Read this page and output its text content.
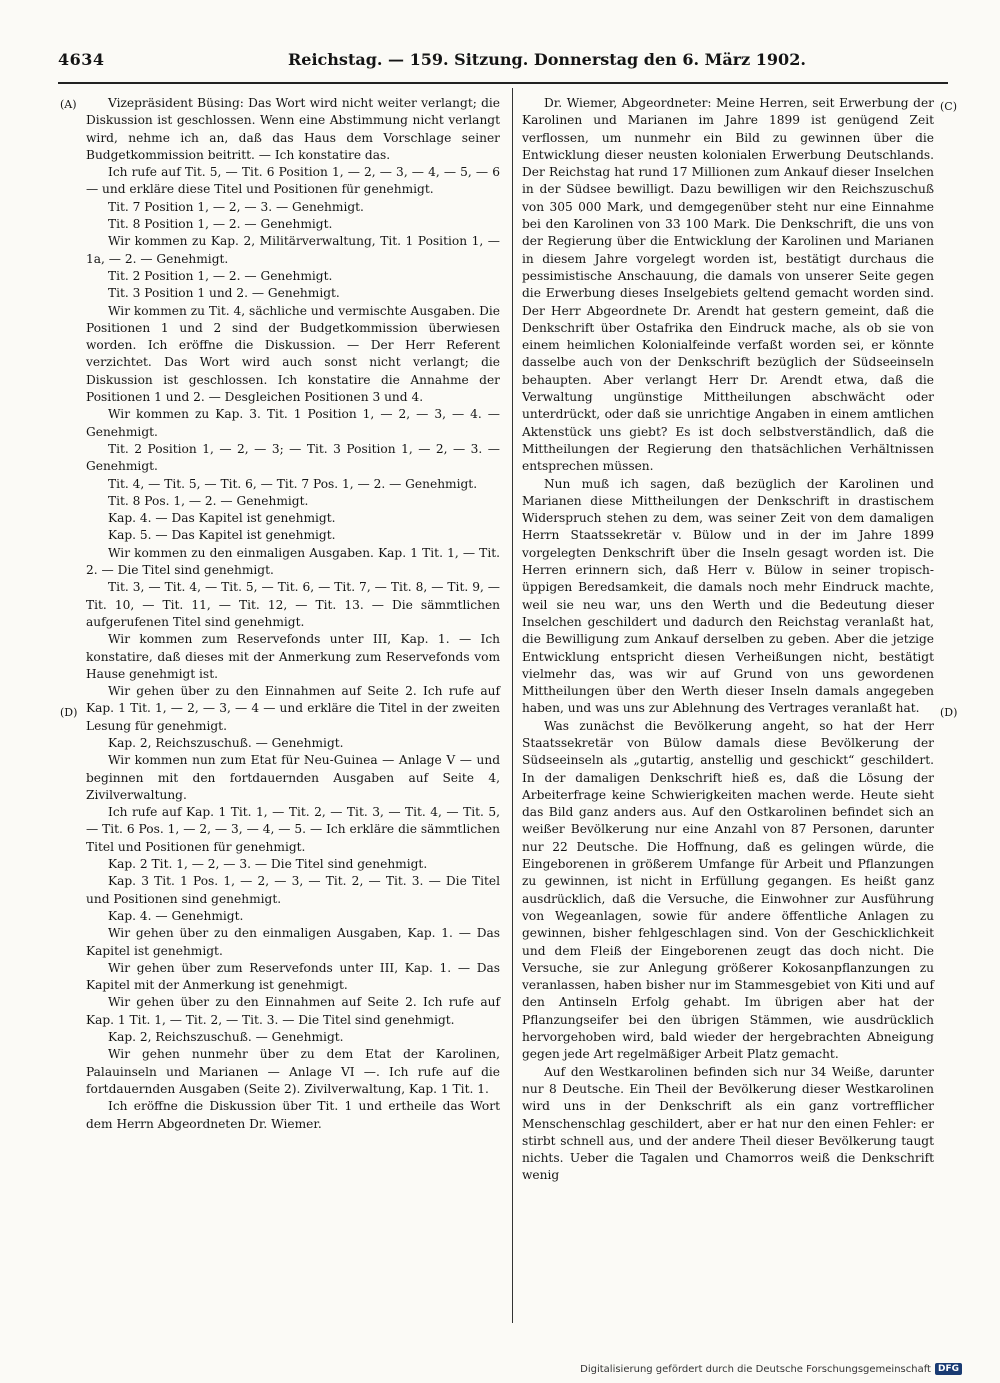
4634	Reichstag. — 159. Sitzung. Donnerstag den 6. März 1902.
(A)
(D)
(C)
(D)

Vizepräsident Büsing: Das Wort wird nicht weiter verlangt; die Diskussion ist geschlossen. Wenn eine Abstimmung nicht verlangt wird, nehme ich an, daß das Haus dem Vorschlage seiner Budgetkommission beitritt. — Ich konstatire das.

Ich rufe auf Tit. 5, — Tit. 6 Position 1, — 2, — 3, — 4, — 5, — 6 — und erkläre diese Titel und Positionen für genehmigt.

Tit. 7 Position 1, — 2, — 3. — Genehmigt.

Tit. 8 Position 1, — 2. — Genehmigt.

Wir kommen zu Kap. 2, Militärverwaltung, Tit. 1 Position 1, — 1a, — 2. — Genehmigt.

Tit. 2 Position 1, — 2. — Genehmigt.

Tit. 3 Position 1 und 2. — Genehmigt.

Wir kommen zu Tit. 4, sächliche und vermischte Ausgaben. Die Positionen 1 und 2 sind der Budgetkommission überwiesen worden. Ich eröffne die Diskussion. — Der Herr Referent verzichtet. Das Wort wird auch sonst nicht verlangt; die Diskussion ist geschlossen. Ich konstatire die Annahme der Positionen 1 und 2. — Desgleichen Positionen 3 und 4.

Wir kommen zu Kap. 3. Tit. 1 Position 1, — 2, — 3, — 4. — Genehmigt.

Tit. 2 Position 1, — 2, — 3; — Tit. 3 Position 1, — 2, — 3. — Genehmigt.

Tit. 4, — Tit. 5, — Tit. 6, — Tit. 7 Pos. 1, — 2. — Genehmigt.

Tit. 8 Pos. 1, — 2. — Genehmigt.

Kap. 4. — Das Kapitel ist genehmigt.

Kap. 5. — Das Kapitel ist genehmigt.

Wir kommen zu den einmaligen Ausgaben. Kap. 1 Tit. 1, — Tit. 2. — Die Titel sind genehmigt.

Tit. 3, — Tit. 4, — Tit. 5, — Tit. 6, — Tit. 7, — Tit. 8, — Tit. 9, — Tit. 10, — Tit. 11, — Tit. 12, — Tit. 13. — Die sämmtlichen aufgerufenen Titel sind genehmigt.

Wir kommen zum Reservefonds unter III, Kap. 1. — Ich konstatire, daß dieses mit der Anmerkung zum Reservefonds vom Hause genehmigt ist.

Wir gehen über zu den Einnahmen auf Seite 2. Ich rufe auf Kap. 1 Tit. 1, — 2, — 3, — 4 — und erkläre die Titel in der zweiten Lesung für genehmigt.

Kap. 2, Reichszuschuß. — Genehmigt.

Wir kommen nun zum Etat für Neu-Guinea — Anlage V — und beginnen mit den fortdauernden Ausgaben auf Seite 4, Zivilverwaltung.

Ich rufe auf Kap. 1 Tit. 1, — Tit. 2, — Tit. 3, — Tit. 4, — Tit. 5, — Tit. 6 Pos. 1, — 2, — 3, — 4, — 5. — Ich erkläre die sämmtlichen Titel und Positionen für genehmigt.

Kap. 2 Tit. 1, — 2, — 3. — Die Titel sind genehmigt.

Kap. 3 Tit. 1 Pos. 1, — 2, — 3, — Tit. 2, — Tit. 3. — Die Titel und Positionen sind genehmigt.

Kap. 4. — Genehmigt.

Wir gehen über zu den einmaligen Ausgaben, Kap. 1. — Das Kapitel ist genehmigt.

Wir gehen über zum Reservefonds unter III, Kap. 1. — Das Kapitel mit der Anmerkung ist genehmigt.

Wir gehen über zu den Einnahmen auf Seite 2. Ich rufe auf Kap. 1 Tit. 1, — Tit. 2, — Tit. 3. — Die Titel sind genehmigt.

Kap. 2, Reichszuschuß. — Genehmigt.

Wir gehen nunmehr über zu dem Etat der Karolinen, Palauinseln und Marianen — Anlage VI —. Ich rufe auf die fortdauernden Ausgaben (Seite 2). Zivilverwaltung, Kap. 1 Tit. 1.

Ich eröffne die Diskussion über Tit. 1 und ertheile das Wort dem Herrn Abgeordneten Dr. Wiemer.

Dr. Wiemer, Abgeordneter: Meine Herren, seit Erwerbung der Karolinen und Marianen im Jahre 1899 ist genügend Zeit verflossen, um nunmehr ein Bild zu gewinnen über die Entwicklung dieser neusten kolonialen Erwerbung Deutschlands. Der Reichstag hat rund 17 Millionen zum Ankauf dieser Inselchen in der Südsee bewilligt. Dazu bewilligen wir den Reichszuschuß von 305 000 Mark, und demgegenüber steht nur eine Einnahme bei den Karolinen von 33 100 Mark. Die Denkschrift, die uns von der Regierung über die Entwicklung der Karolinen und Marianen in diesem Jahre vorgelegt worden ist, bestätigt durchaus die pessimistische Anschauung, die damals von unserer Seite gegen die Erwerbung dieses Inselgebiets geltend gemacht worden sind. Der Herr Abgeordnete Dr. Arendt hat gestern gemeint, daß die Denkschrift über Ostafrika den Eindruck mache, als ob sie von einem heimlichen Kolonialfeinde verfaßt worden sei, er könnte dasselbe auch von der Denkschrift bezüglich der Südseeinseln behaupten. Aber verlangt Herr Dr. Arendt etwa, daß die Verwaltung ungünstige Mittheilungen abschwächt oder unterdrückt, oder daß sie unrichtige Angaben in einem amtlichen Aktenstück uns giebt? Es ist doch selbstverständlich, daß die Mittheilungen der Regierung den thatsächlichen Verhältnissen entsprechen müssen.

Nun muß ich sagen, daß bezüglich der Karolinen und Marianen diese Mittheilungen der Denkschrift in drastischem Widerspruch stehen zu dem, was seiner Zeit von dem damaligen Herrn Staatssekretär v. Bülow und in der im Jahre 1899 vorgelegten Denkschrift über die Inseln gesagt worden ist. Die Herren erinnern sich, daß Herr v. Bülow in seiner tropisch-üppigen Beredsamkeit, die damals noch mehr Eindruck machte, weil sie neu war, uns den Werth und die Bedeutung dieser Inselchen geschildert und dadurch den Reichstag veranlaßt hat, die Bewilligung zum Ankauf derselben zu geben. Aber die jetzige Entwicklung entspricht diesen Verheißungen nicht, bestätigt vielmehr das, was wir auf Grund von uns gewordenen Mittheilungen über den Werth dieser Inseln damals angegeben haben, und was uns zur Ablehnung des Vertrages veranlaßt hat.

Was zunächst die Bevölkerung angeht, so hat der Herr Staatssekretär von Bülow damals diese Bevölkerung der Südseeinseln als „gutartig, anstellig und geschickt“ geschildert. In der damaligen Denkschrift hieß es, daß die Lösung der Arbeiterfrage keine Schwierigkeiten machen werde. Heute sieht das Bild ganz anders aus. Auf den Ostkarolinen befindet sich an weißer Bevölkerung nur eine Anzahl von 87 Personen, darunter nur 22 Deutsche. Die Hoffnung, daß es gelingen würde, die Eingeborenen in größerem Umfange für Arbeit und Pflanzungen zu gewinnen, ist nicht in Erfüllung gegangen. Es heißt ganz ausdrücklich, daß die Versuche, die Einwohner zur Ausführung von Wegeanlagen, sowie für andere öffentliche Anlagen zu gewinnen, bisher fehlgeschlagen sind. Von der Geschicklichkeit und dem Fleiß der Eingeborenen zeugt das doch nicht. Die Versuche, sie zur Anlegung größerer Kokosanpflanzungen zu veranlassen, haben bisher nur im Stammesgebiet von Kiti und auf den Antinseln Erfolg gehabt. Im übrigen aber hat der Pflanzungseifer bei den übrigen Stämmen, wie ausdrücklich hervorgehoben wird, bald wieder der hergebrachten Abneigung gegen jede Art regelmäßiger Arbeit Platz gemacht.

Auf den Westkarolinen befinden sich nur 34 Weiße, darunter nur 8 Deutsche. Ein Theil der Bevölkerung dieser Westkarolinen wird uns in der Denkschrift als ein ganz vortrefflicher Menschenschlag geschildert, aber er hat nur den einen Fehler: er stirbt schnell aus, und der andere Theil dieser Bevölkerung taugt nichts. Ueber die Tagalen und Chamorros weiß die Denkschrift wenig

Digitalisierung gefördert durch die Deutsche Forschungsgemeinschaft DFG
